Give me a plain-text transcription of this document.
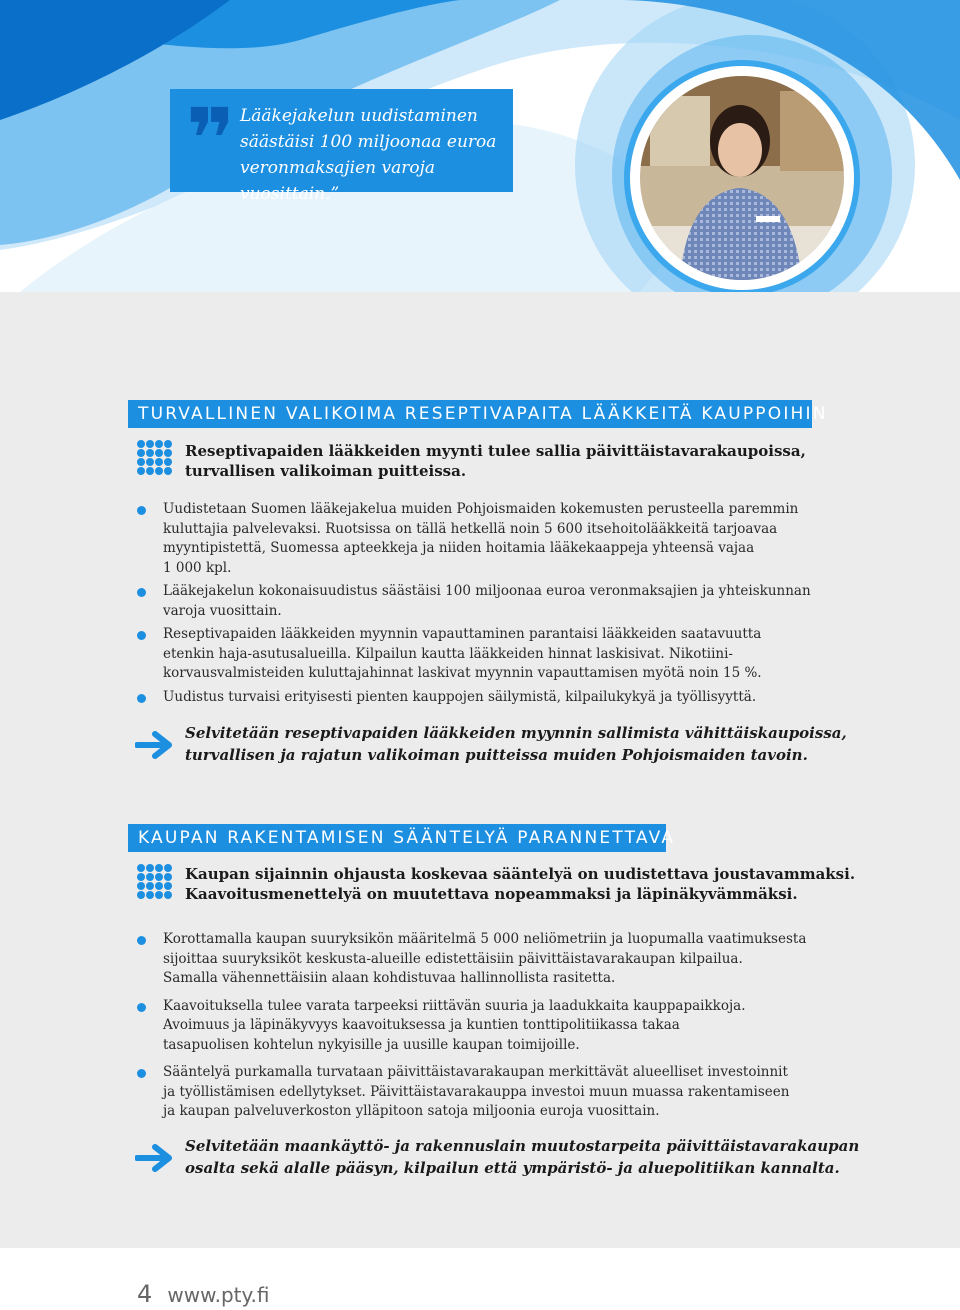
❞ Lääkejakelun uudistaminen
säästäisi 100 miljoonaa euroa
veronmaksajien varoja vuosittain.”
TURVALLINEN VALIKOIMA RESEPTIVAPAITA LÄÄKKEITÄ KAUPPOIHIN
Reseptivapaiden lääkkeiden myynti tulee sallia päivittäistavarakaupoissa,
turvallisen valikoiman puitteissa.
Uudistetaan Suomen lääkejakelua muiden Pohjoismaiden kokemusten perusteella paremmin
kuluttajia palvelevaksi. Ruotsissa on tällä hetkellä noin 5 600 itsehoitolääkkeitä tarjoavaa
myyntipistettä, Suomessa apteekkeja ja niiden hoitamia lääkekaappeja yhteensä vajaa
1 000 kpl.
Lääkejakelun kokonaisuudistus säästäisi 100 miljoonaa euroa veronmaksajien ja yhteiskunnan
varoja vuosittain.
Reseptivapaiden lääkkeiden myynnin vapauttaminen parantaisi lääkkeiden saatavuutta
etenkin haja-asutusalueilla. Kilpailun kautta lääkkeiden hinnat laskisivat. Nikotiini-
korvausvalmisteiden kuluttajahinnat laskivat myynnin vapauttamisen myötä noin 15 %.
Uudistus turvaisi erityisesti pienten kauppojen säilymistä, kilpailukykyä ja työllisyyttä.
Selvitetään reseptivapaiden lääkkeiden myynnin sallimista vähittäiskaupoissa,
turvallisen ja rajatun valikoiman puitteissa muiden Pohjoismaiden tavoin.
KAUPAN RAKENTAMISEN SÄÄNTELYÄ PARANNETTAVA
Kaupan sijainnin ohjausta koskevaa sääntelyä on uudistettava joustavammaksi.
Kaavoitusmenettelyä on muutettava nopeammaksi ja läpinäkyvämmäksi.
Korottamalla kaupan suuryksikön määritelmä 5 000 neliömetriin ja luopumalla vaatimuksesta
sijoittaa suuryksiköt keskusta-alueille edistettäisiin päivittäistavarakaupan kilpailua.
Samalla vähennettäisiin alaan kohdistuvaa hallinnollista rasitetta.
Kaavoituksella tulee varata tarpeeksi riittävän suuria ja laadukkaita kauppapaikkoja.
Avoimuus ja läpinäkyvyys kaavoituksessa ja kuntien tonttipolitiikassa takaa
tasapuolisen kohtelun nykyisille ja uusille kaupan toimijoille.
Sääntelyä purkamalla turvataan päivittäistavarakaupan merkittävät alueelliset investoinnit
ja työllistämisen edellytykset. Päivittäistavarakauppa investoi muun muassa rakentamiseen
ja kaupan palveluverkoston ylläpitoon satoja miljoonia euroja vuosittain.
Selvitetään maankäyttö- ja rakennuslain muutostarpeita päivittäistavarakaupan
osalta sekä alalle pääsyn, kilpailun että ympäristö- ja aluepolitiikan kannalta.
4 www.pty.fi
